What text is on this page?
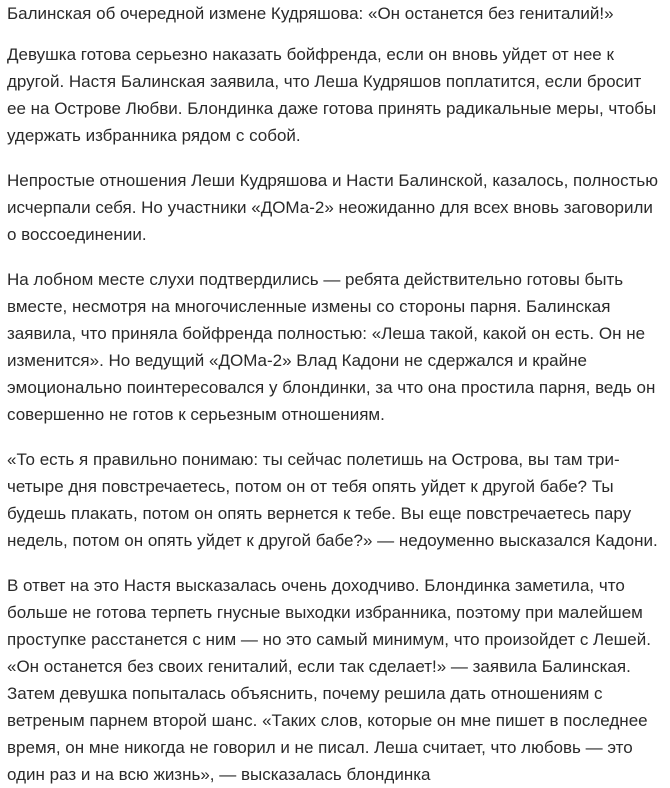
Балинская об очередной измене Кудряшова: «Он останется без гениталий!»

Девушка готова серьезно наказать бойфренда, если он вновь уйдет от нее к другой. Настя Балинская заявила, что Леша Кудряшов поплатится, если бросит ее на Острове Любви. Блондинка даже готова принять радикальные меры, чтобы удержать избранника рядом с собой.

Непростые отношения Леши Кудряшова и Насти Балинской, казалось, полностью исчерпали себя. Но участники «ДОМа-2» неожиданно для всех вновь заговорили о воссоединении.

На лобном месте слухи подтвердились — ребята действительно готовы быть вместе, несмотря на многочисленные измены со стороны парня. Балинская заявила, что приняла бойфренда полностью: «Леша такой, какой он есть. Он не изменится». Но ведущий «ДОМа-2» Влад Кадони не сдержался и крайне эмоционально поинтересовался у блондинки, за что она простила парня, ведь он совершенно не готов к серьезным отношениям.

«То есть я правильно понимаю: ты сейчас полетишь на Острова, вы там три-четыре дня повстречаетесь, потом он от тебя опять уйдет к другой бабе? Ты будешь плакать, потом он опять вернется к тебе. Вы еще повстречаетесь пару недель, потом он опять уйдет к другой бабе?» — недоуменно высказался Кадони.

В ответ на это Настя высказалась очень доходчиво. Блондинка заметила, что больше не готова терпеть гнусные выходки избранника, поэтому при малейшем проступке расстанется с ним — но это самый минимум, что произойдет с Лешей. «Он останется без своих гениталий, если так сделает!» — заявила Балинская. Затем девушка попыталась объяснить, почему решила дать отношениям с ветреным парнем второй шанс. «Таких слов, которые он мне пишет в последнее время, он мне никогда не говорил и не писал. Леша считает, что любовь — это один раз и на всю жизнь», — высказалась блондинка
